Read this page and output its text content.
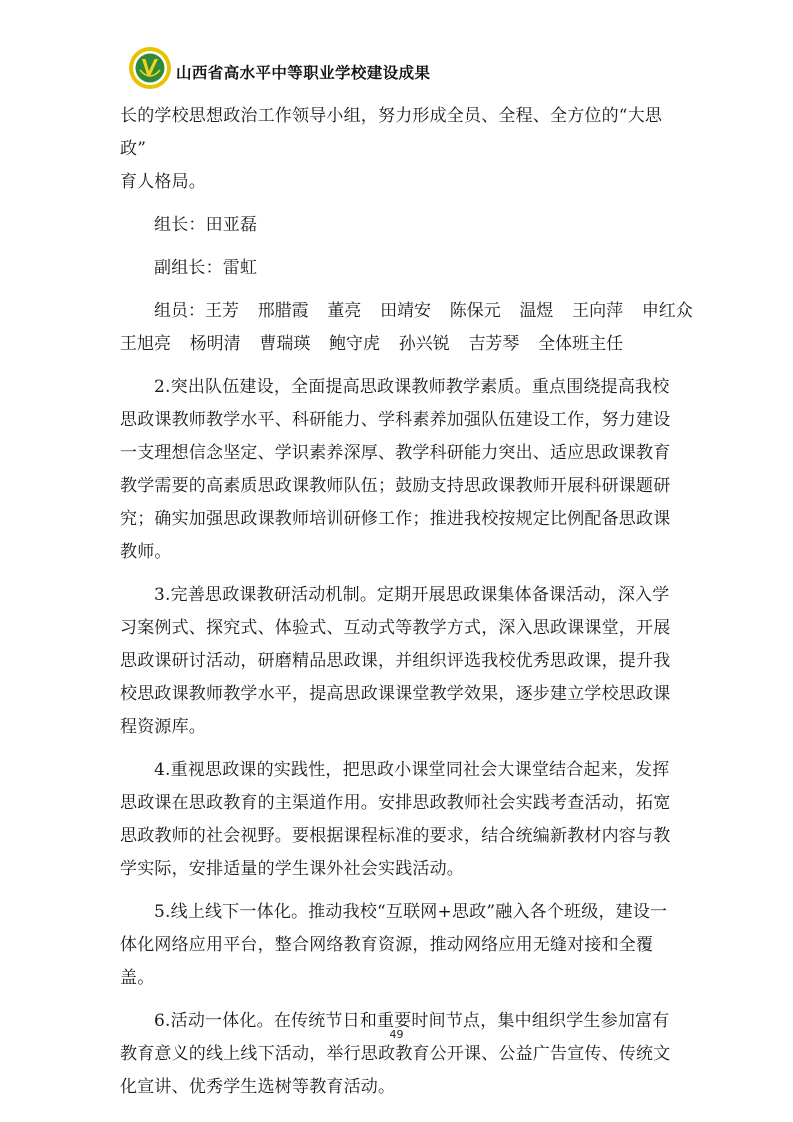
山西省高水平中等职业学校建设成果

长的学校思想政治工作领导小组，努力形成全员、全程、全方位的“大思政”

育人格局。

组长：田亚磊

副组长：雷虹

组员：王芳 邢腊霞 董亮 田靖安 陈保元 温煜 王向萍 申红众

王旭亮 杨明清 曹瑞瑛 鲍守虎 孙兴锐 吉芳琴 全体班主任

2.突出队伍建设，全面提高思政课教师教学素质。重点围绕提高我校思政课教师教学水平、科研能力、学科素养加强队伍建设工作，努力建设一支理想信念坚定、学识素养深厚、教学科研能力突出、适应思政课教育教学需要的高素质思政课教师队伍；鼓励支持思政课教师开展科研课题研究；确实加强思政课教师培训研修工作；推进我校按规定比例配备思政课教师。

3.完善思政课教研活动机制。定期开展思政课集体备课活动，深入学习案例式、探究式、体验式、互动式等教学方式，深入思政课课堂，开展思政课研讨活动，研磨精品思政课，并组织评选我校优秀思政课，提升我校思政课教师教学水平，提高思政课课堂教学效果，逐步建立学校思政课程资源库。

4.重视思政课的实践性，把思政小课堂同社会大课堂结合起来，发挥思政课在思政教育的主渠道作用。安排思政教师社会实践考查活动，拓宽思政教师的社会视野。要根据课程标准的要求，结合统编新教材内容与教学实际，安排适量的学生课外社会实践活动。

5.线上线下一体化。推动我校“互联网+思政”融入各个班级，建设一体化网络应用平台，整合网络教育资源，推动网络应用无缝对接和全覆盖。

6.活动一体化。在传统节日和重要时间节点，集中组织学生参加富有教育意义的线上线下活动，举行思政教育公开课、公益广告宣传、传统文化宣讲、优秀学生选树等教育活动。

49
